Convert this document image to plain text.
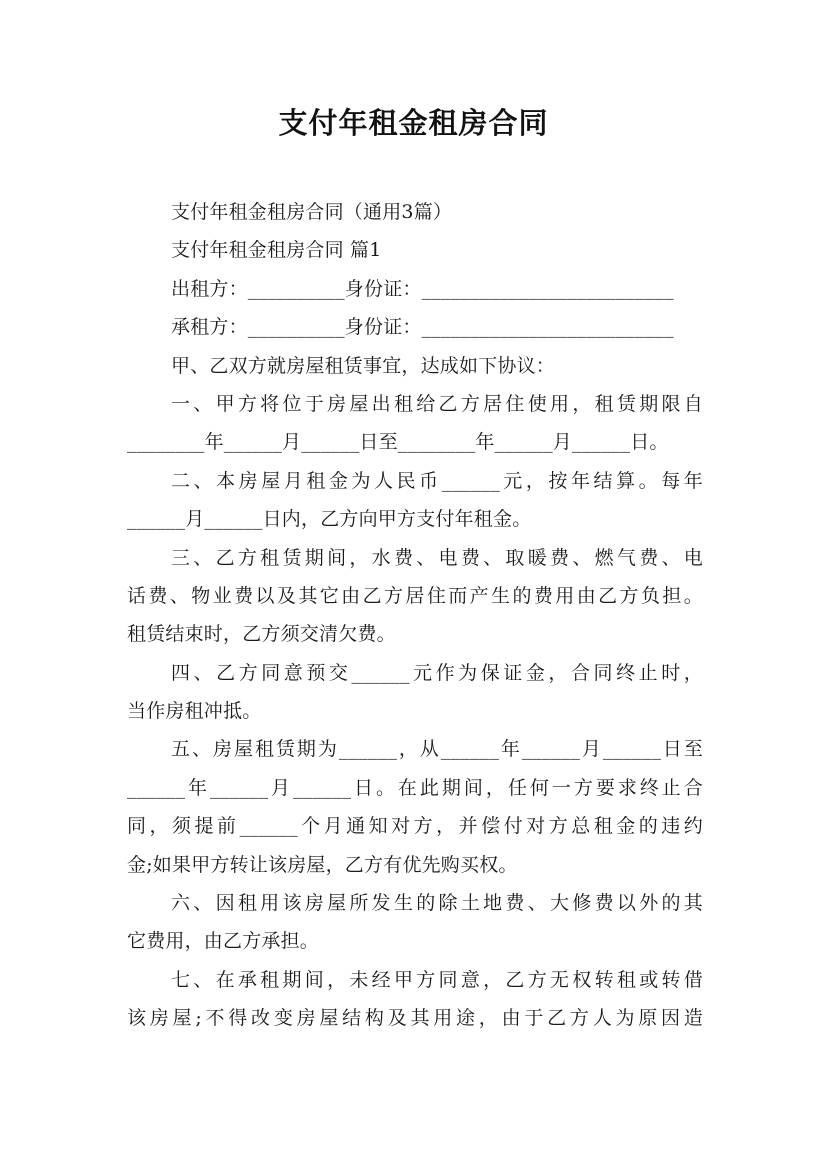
支付年租金租房合同
支付年租金租房合同（通用3篇）
支付年租金租房合同 篇1
出租方：__________身份证：__________________________
承租方：__________身份证：__________________________
甲、乙双方就房屋租赁事宜，达成如下协议：
一、甲方将位于房屋出租给乙方居住使用，租赁期限自
________年______月______日至________年______月______日。
二、本房屋月租金为人民币______元，按年结算。每年
______月______日内，乙方向甲方支付年租金。
三、乙方租赁期间，水费、电费、取暖费、燃气费、电
话费、物业费以及其它由乙方居住而产生的费用由乙方负担。
租赁结束时，乙方须交清欠费。
四、乙方同意预交______元作为保证金，合同终止时，
当作房租冲抵。
五、房屋租赁期为______，从______年______月______日至
______年______月______日。在此期间，任何一方要求终止合
同，须提前______个月通知对方，并偿付对方总租金的违约
金;如果甲方转让该房屋，乙方有优先购买权。
六、因租用该房屋所发生的除土地费、大修费以外的其
它费用，由乙方承担。
七、在承租期间，未经甲方同意，乙方无权转租或转借
该房屋;不得改变房屋结构及其用途，由于乙方人为原因造
